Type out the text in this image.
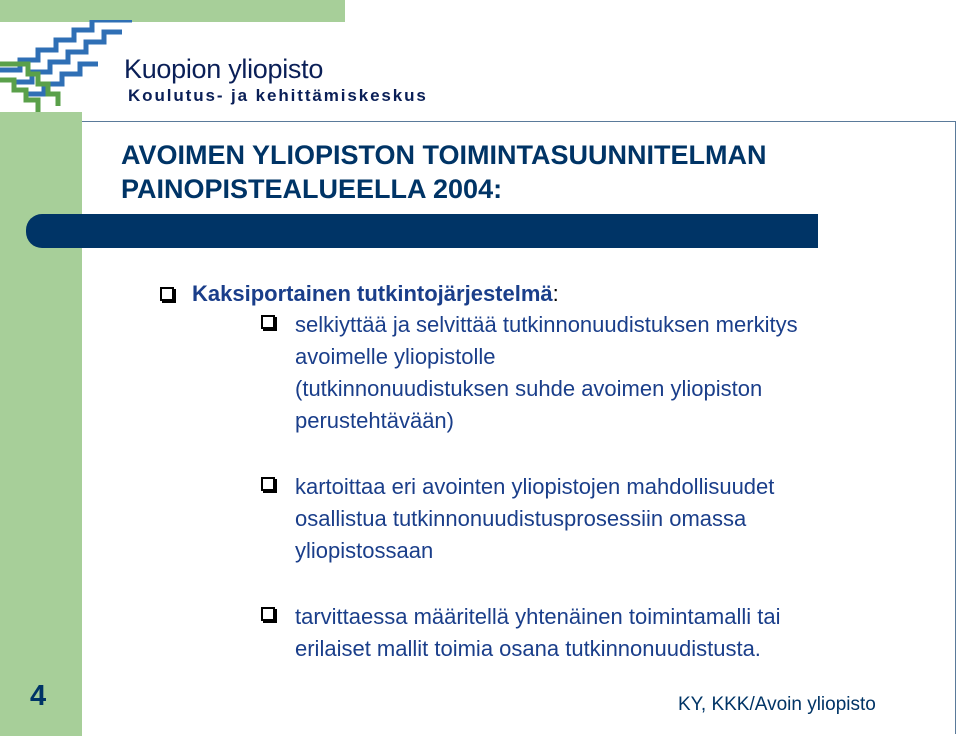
Kuopion yliopisto
Koulutus- ja kehittämiskeskus
AVOIMEN YLIOPISTON TOIMINTASUUNNITELMAN
PAINOPISTEALUEELLA 2004:
Kaksiportainen tutkintojärjestelmä:
selkiyttää ja selvittää tutkinnonuudistuksen merkitys
avoimelle yliopistolle
(tutkinnonuudistuksen suhde avoimen yliopiston
perustehtävään)
kartoittaa eri avointen yliopistojen mahdollisuudet
osallistua tutkinnonuudistusprosessiin omassa
yliopistossaan
tarvittaessa määritellä yhtenäinen toimintamalli tai
erilaiset mallit toimia osana tutkinnonuudistusta.
4	KY, KKK/Avoin yliopisto
